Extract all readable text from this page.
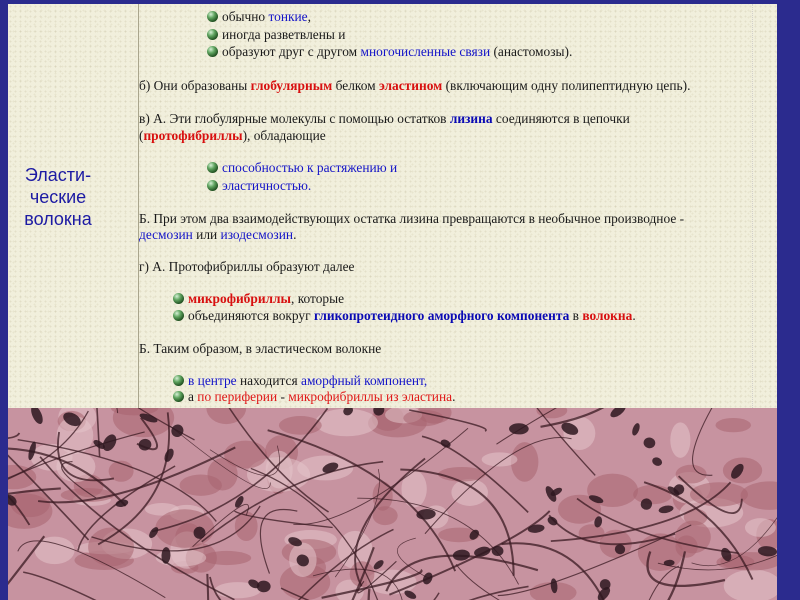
Эласти-
ческие
волокна
обычно тонкие,
иногда разветвлены и
образуют друг с другом многочисленные связи (анастомозы).
б) Они образованы глобулярным белком эластином (включающим одну полипептидную цепь).
в) А. Эти глобулярные молекулы с помощью остатков лизина соединяются в цепочки
(протофибриллы), обладающие
способностью к растяжению и
эластичностью.
Б. При этом два взаимодействующих остатка лизина превращаются в необычное производное -
десмозин или изодесмозин.
г) А. Протофибриллы образуют далее
микрофибриллы, которые
объединяются вокруг гликопротеидного аморфного компонента в волокна.
Б. Таким образом, в эластическом волокне
в центре находится аморфный компонент,
а по периферии - микрофибриллы из эластина.
